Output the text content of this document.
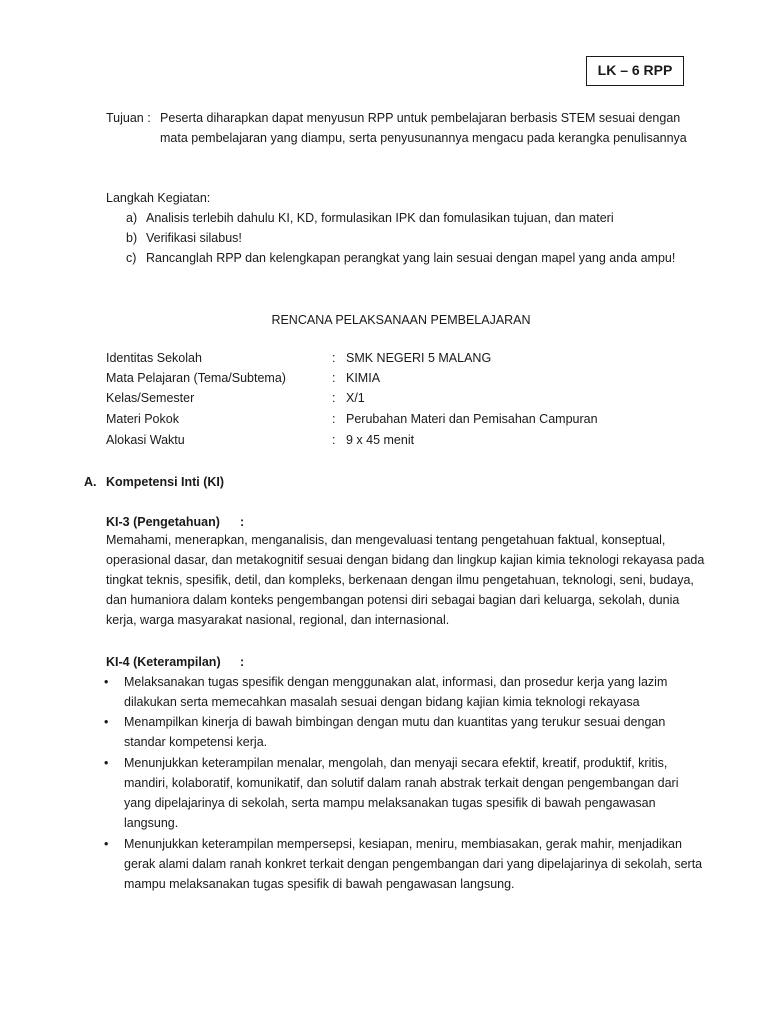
LK – 6 RPP
Tujuan : Peserta diharapkan dapat menyusun RPP untuk pembelajaran berbasis STEM sesuai dengan mata pembelajaran yang diampu, serta penyusunannya mengacu pada kerangka penulisannya
Langkah Kegiatan:
a) Analisis terlebih dahulu KI, KD, formulasikan IPK dan fomulasikan tujuan, dan materi
b) Verifikasi silabus!
c) Rancanglah RPP dan kelengkapan perangkat yang lain sesuai dengan mapel yang anda ampu!
RENCANA PELAKSANAAN PEMBELAJARAN
Identitas Sekolah	: SMK NEGERI 5 MALANG
Mata Pelajaran (Tema/Subtema)	: KIMIA
Kelas/Semester	: X/1
Materi Pokok	: Perubahan Materi dan Pemisahan Campuran
Alokasi Waktu	: 9 x 45 menit
A. Kompetensi Inti (KI)
KI-3 (Pengetahuan) :
Memahami, menerapkan, menganalisis, dan mengevaluasi tentang pengetahuan faktual, konseptual, operasional dasar, dan metakognitif sesuai dengan bidang dan lingkup kajian kimia teknologi rekayasa pada tingkat teknis, spesifik, detil, dan kompleks, berkenaan dengan ilmu pengetahuan, teknologi, seni, budaya, dan humaniora dalam konteks pengembangan potensi diri sebagai bagian dari keluarga, sekolah, dunia kerja, warga masyarakat nasional, regional, dan internasional.
KI-4 (Keterampilan) :
• Melaksanakan tugas spesifik dengan menggunakan alat, informasi, dan prosedur kerja yang lazim dilakukan serta memecahkan masalah sesuai dengan bidang kajian kimia teknologi rekayasa
• Menampilkan kinerja di bawah bimbingan dengan mutu dan kuantitas yang terukur sesuai dengan standar kompetensi kerja.
• Menunjukkan keterampilan menalar, mengolah, dan menyaji secara efektif, kreatif, produktif, kritis, mandiri, kolaboratif, komunikatif, dan solutif dalam ranah abstrak terkait dengan pengembangan dari yang dipelajarinya di sekolah, serta mampu melaksanakan tugas spesifik di bawah pengawasan langsung.
• Menunjukkan keterampilan mempersepsi, kesiapan, meniru, membiasakan, gerak mahir, menjadikan gerak alami dalam ranah konkret terkait dengan pengembangan dari yang dipelajarinya di sekolah, serta mampu melaksanakan tugas spesifik di bawah pengawasan langsung.
